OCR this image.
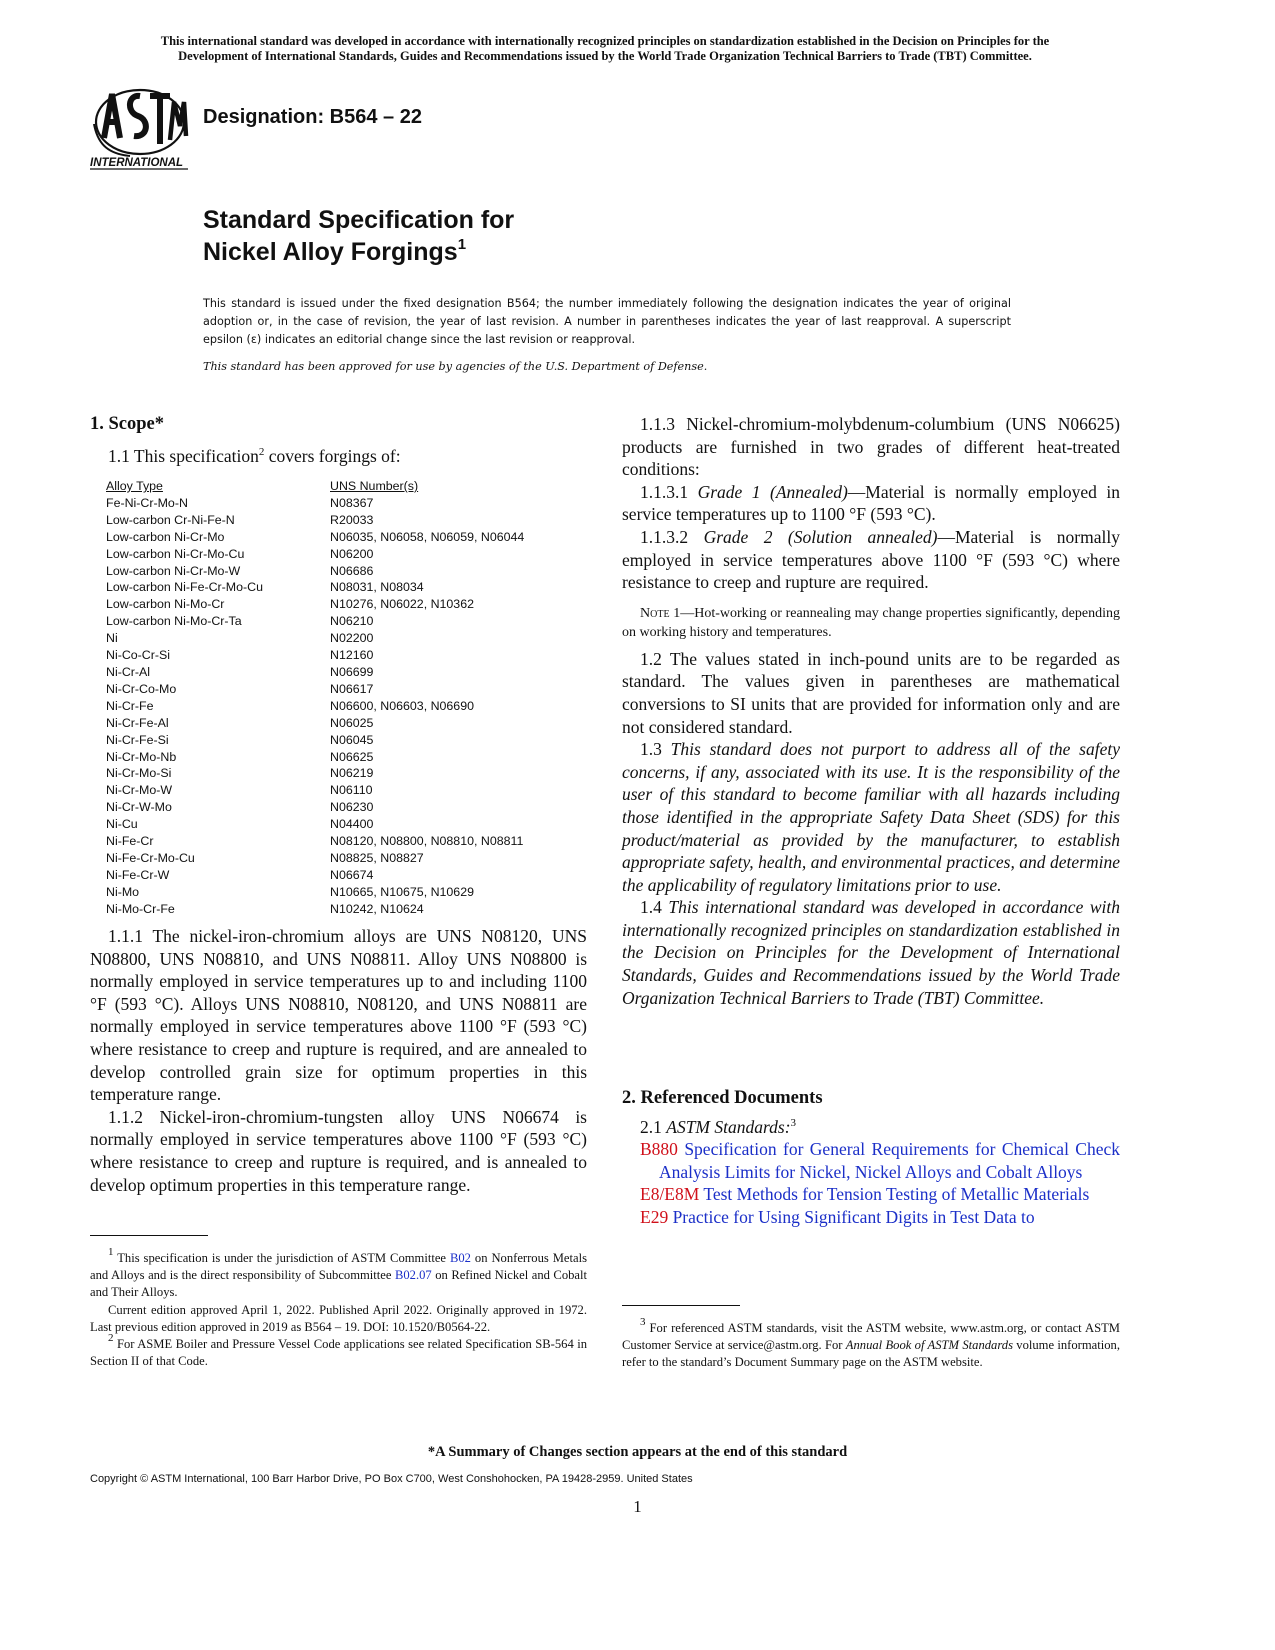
This international standard was developed in accordance with internationally recognized principles on standardization established in the Decision on Principles for the
Development of International Standards, Guides and Recommendations issued by the World Trade Organization Technical Barriers to Trade (TBT) Committee.
INTERNATIONAL
Designation: B564 – 22
Standard Specification for
Nickel Alloy Forgings$^1$
This standard is issued under the fixed designation B564; the number immediately following the designation indicates the year of original adoption or, in the case of revision, the year of last revision. A number in parentheses indicates the year of last reapproval. A superscript epsilon (ε) indicates an editorial change since the last revision or reapproval.
This standard has been approved for use by agencies of the U.S. Department of Defense.

1. Scope*

1.1 This specification$^2$ covers forgings of:

Alloy Type	UNS Number(s)
Fe-Ni-Cr-Mo-N	N08367
Low-carbon Cr-Ni-Fe-N	R20033
Low-carbon Ni-Cr-Mo	N06035, N06058, N06059, N06044
Low-carbon Ni-Cr-Mo-Cu	N06200
Low-carbon Ni-Cr-Mo-W	N06686
Low-carbon Ni-Fe-Cr-Mo-Cu	N08031, N08034
Low-carbon Ni-Mo-Cr	N10276, N06022, N10362
Low-carbon Ni-Mo-Cr-Ta	N06210
Ni	N02200
Ni-Co-Cr-Si	N12160
Ni-Cr-Al	N06699
Ni-Cr-Co-Mo	N06617
Ni-Cr-Fe	N06600, N06603, N06690
Ni-Cr-Fe-Al	N06025
Ni-Cr-Fe-Si	N06045
Ni-Cr-Mo-Nb	N06625
Ni-Cr-Mo-Si	N06219
Ni-Cr-Mo-W	N06110
Ni-Cr-W-Mo	N06230
Ni-Cu	N04400
Ni-Fe-Cr	N08120, N08800, N08810, N08811
Ni-Fe-Cr-Mo-Cu	N08825, N08827
Ni-Fe-Cr-W	N06674
Ni-Mo	N10665, N10675, N10629
Ni-Mo-Cr-Fe	N10242, N10624

1.1.1 The nickel-iron-chromium alloys are UNS N08120, UNS N08800, UNS N08810, and UNS N08811. Alloy UNS N08800 is normally employed in service temperatures up to and including 1100 °F (593 °C). Alloys UNS N08810, N08120, and UNS N08811 are normally employed in service temperatures above 1100 °F (593 °C) where resistance to creep and rupture is required, and are annealed to develop controlled grain size for optimum properties in this temperature range.

1.1.2 Nickel-iron-chromium-tungsten alloy UNS N06674 is normally employed in service temperatures above 1100 °F (593 °C) where resistance to creep and rupture is required, and is annealed to develop optimum properties in this temperature range.

$^1$ This specification is under the jurisdiction of ASTM Committee B02 on Nonferrous Metals and Alloys and is the direct responsibility of Subcommittee B02.07 on Refined Nickel and Cobalt and Their Alloys.

Current edition approved April 1, 2022. Published April 2022. Originally approved in 1972. Last previous edition approved in 2019 as B564 – 19. DOI: 10.1520/B0564-22.

$^2$ For ASME Boiler and Pressure Vessel Code applications see related Specification SB-564 in Section II of that Code.

1.1.3 Nickel-chromium-molybdenum-columbium (UNS N06625) products are furnished in two grades of different heat-treated conditions:

1.1.3.1 Grade 1 (Annealed)—Material is normally employed in service temperatures up to 1100 °F (593 °C).

1.1.3.2 Grade 2 (Solution annealed)—Material is normally employed in service temperatures above 1100 °F (593 °C) where resistance to creep and rupture are required.

Note 1—Hot-working or reannealing may change properties significantly, depending on working history and temperatures.

1.2 The values stated in inch-pound units are to be regarded as standard. The values given in parentheses are mathematical conversions to SI units that are provided for information only and are not considered standard.

1.3 This standard does not purport to address all of the safety concerns, if any, associated with its use. It is the responsibility of the user of this standard to become familiar with all hazards including those identified in the appropriate Safety Data Sheet (SDS) for this product/material as provided by the manufacturer, to establish appropriate safety, health, and environmental practices, and determine the applicability of regulatory limitations prior to use.

1.4 This international standard was developed in accordance with internationally recognized principles on standardization established in the Decision on Principles for the Development of International Standards, Guides and Recommendations issued by the World Trade Organization Technical Barriers to Trade (TBT) Committee.

2. Referenced Documents

2.1 ASTM Standards:$^3$

B880 Specification for General Requirements for Chemical Check Analysis Limits for Nickel, Nickel Alloys and Cobalt Alloys

E8/E8M Test Methods for Tension Testing of Metallic Materials

E29 Practice for Using Significant Digits in Test Data to

$^3$ For referenced ASTM standards, visit the ASTM website, www.astm.org, or contact ASTM Customer Service at service@astm.org. For Annual Book of ASTM Standards volume information, refer to the standard’s Document Summary page on the ASTM website.

*A Summary of Changes section appears at the end of this standard
Copyright © ASTM International, 100 Barr Harbor Drive, PO Box C700, West Conshohocken, PA 19428-2959. United States
1
